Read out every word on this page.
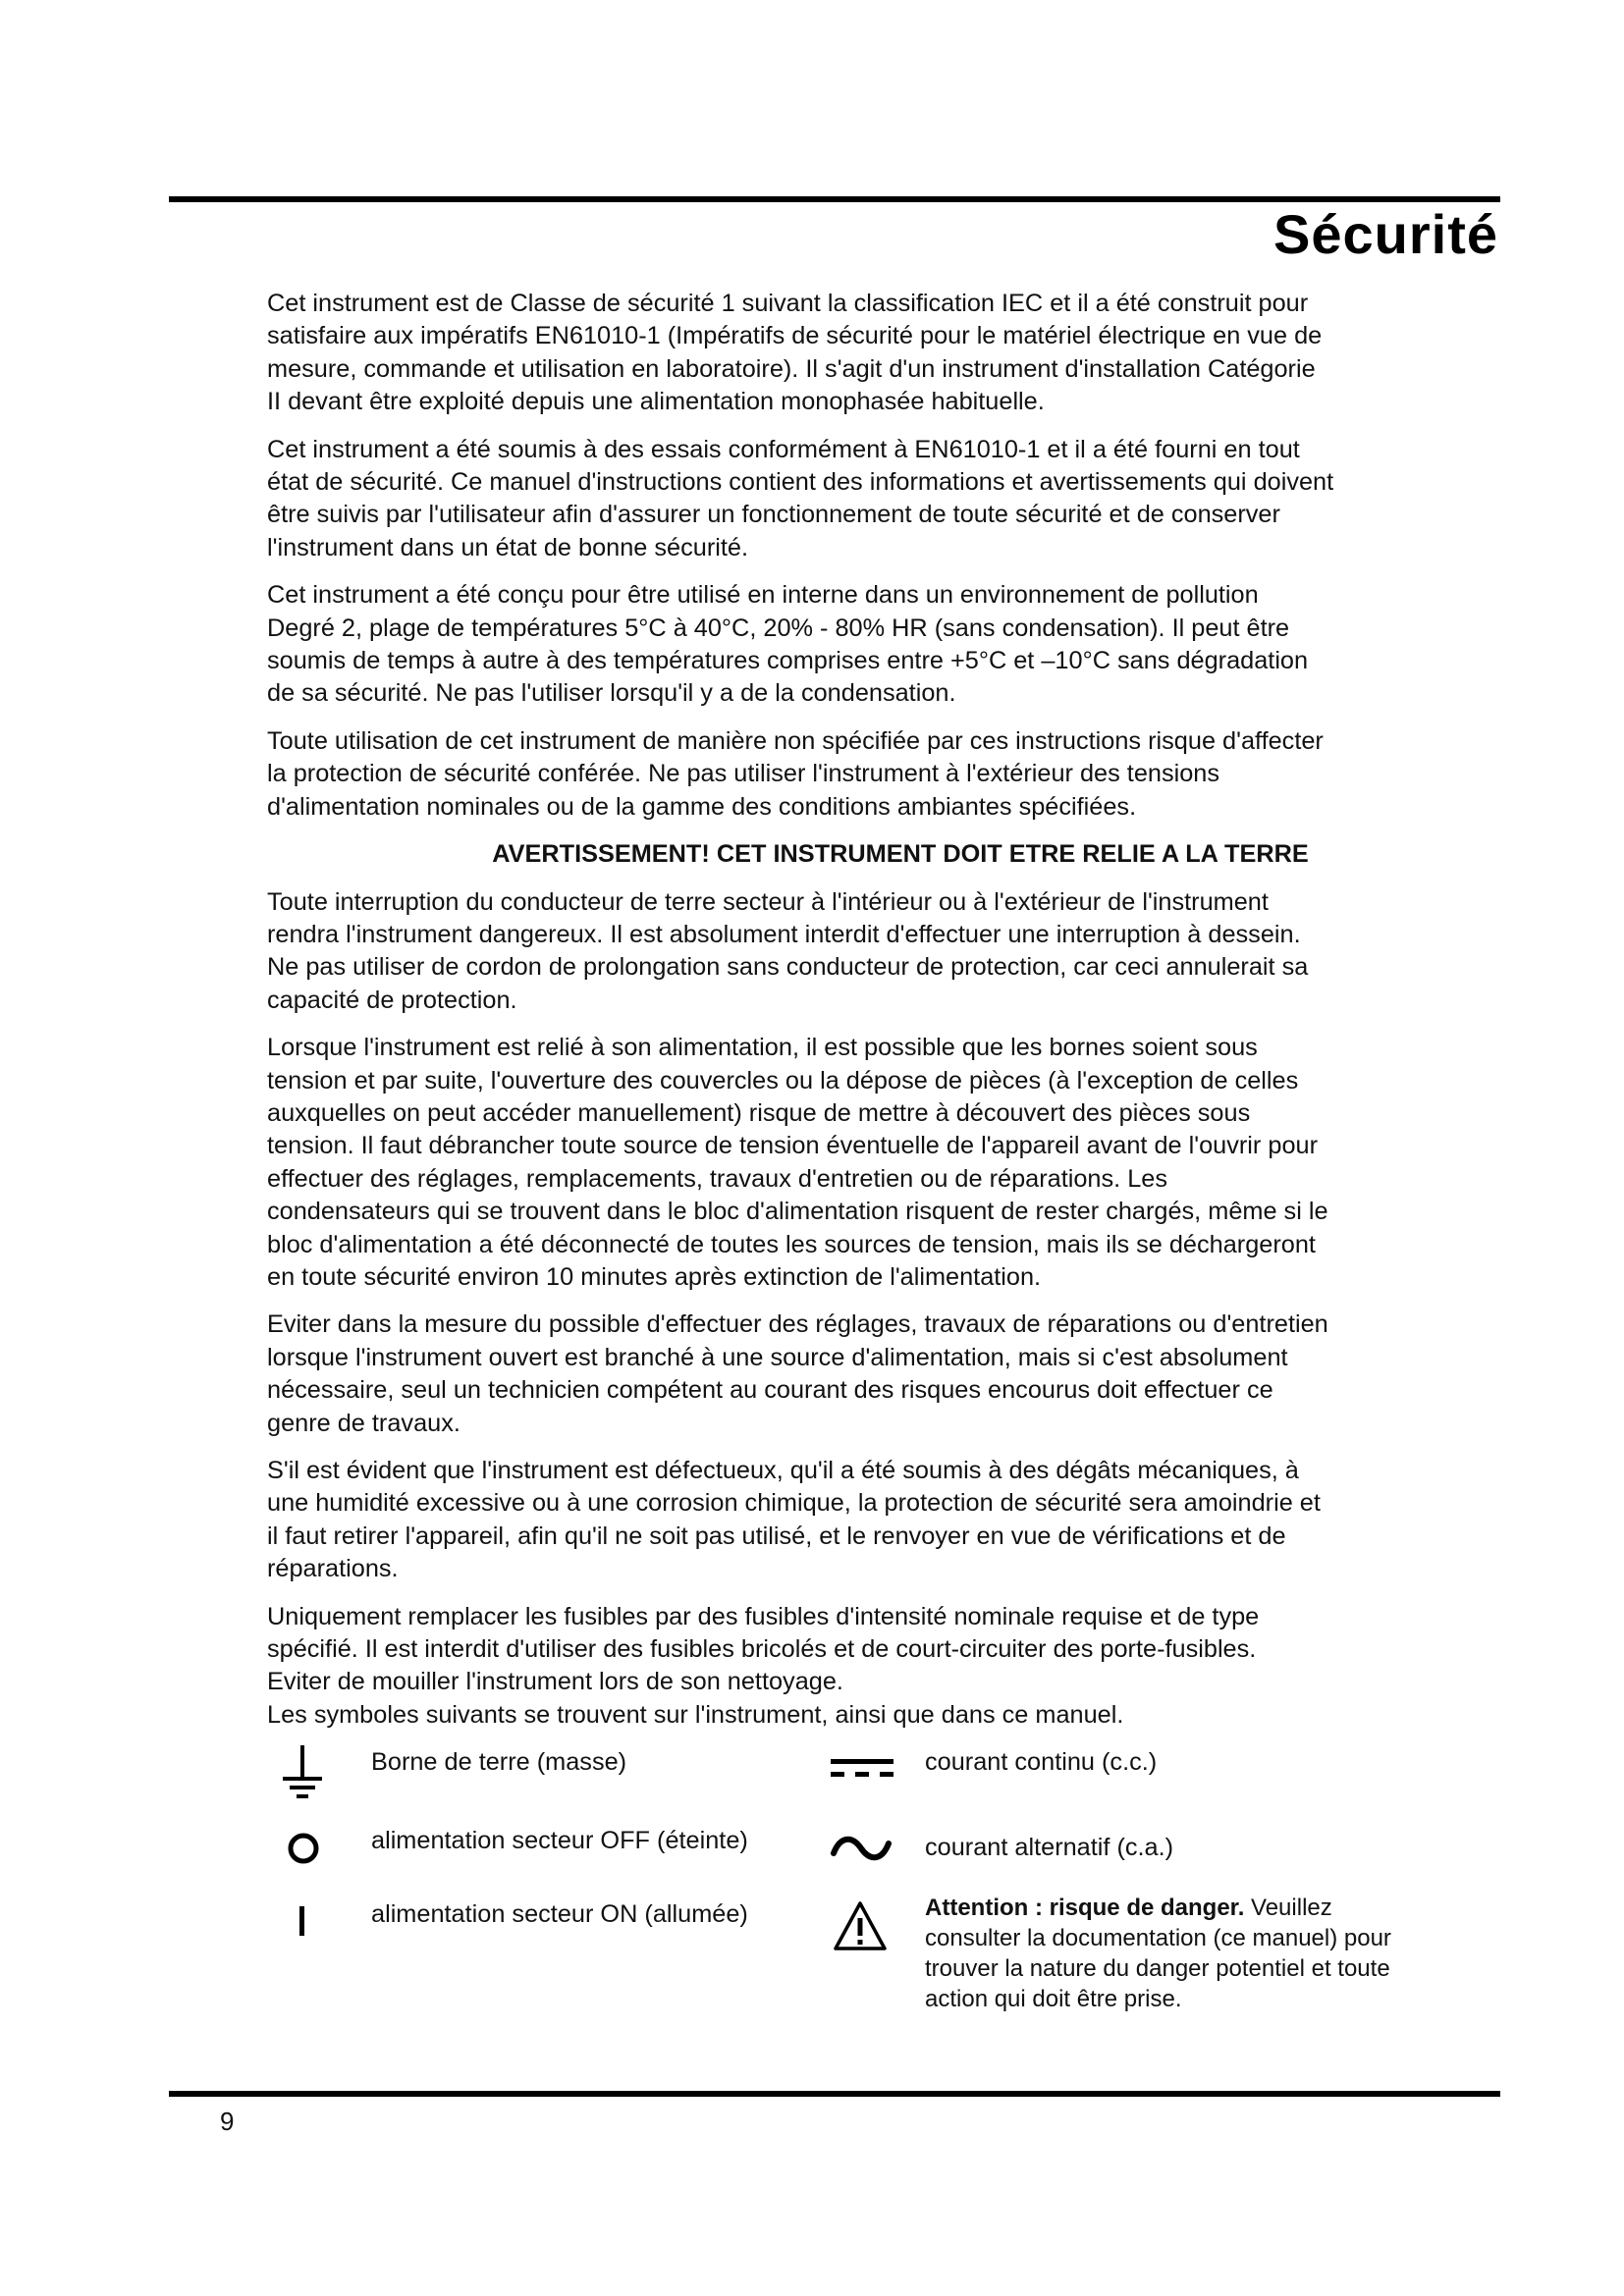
Sécurité

Cet instrument est de Classe de sécurité 1 suivant la classification IEC et il a été construit pour
satisfaire aux impératifs EN61010-1 (Impératifs de sécurité pour le matériel électrique en vue de
mesure, commande et utilisation en laboratoire). Il s'agit d'un instrument d'installation Catégorie
II devant être exploité depuis une alimentation monophasée habituelle.

Cet instrument a été soumis à des essais conformément à EN61010-1 et il a été fourni en tout
état de sécurité. Ce manuel d'instructions contient des informations et avertissements qui doivent
être suivis par l'utilisateur afin d'assurer un fonctionnement de toute sécurité et de conserver
l'instrument dans un état de bonne sécurité.

Cet instrument a été conçu pour être utilisé en interne dans un environnement de pollution
Degré 2, plage de températures 5°C à 40°C, 20% - 80% HR (sans condensation). Il peut être
soumis de temps à autre à des températures comprises entre +5°C et –10°C sans dégradation
de sa sécurité. Ne pas l'utiliser lorsqu'il y a de la condensation.

Toute utilisation de cet instrument de manière non spécifiée par ces instructions risque d'affecter
la protection de sécurité conférée. Ne pas utiliser l'instrument à l'extérieur des tensions
d'alimentation nominales ou de la gamme des conditions ambiantes spécifiées.

AVERTISSEMENT! CET INSTRUMENT DOIT ETRE RELIE A LA TERRE

Toute interruption du conducteur de terre secteur à l'intérieur ou à l'extérieur de l'instrument
rendra l'instrument dangereux. Il est absolument interdit d'effectuer une interruption à dessein.
Ne pas utiliser de cordon de prolongation sans conducteur de protection, car ceci annulerait sa
capacité de protection.

Lorsque l'instrument est relié à son alimentation, il est possible que les bornes soient sous
tension et par suite, l'ouverture des couvercles ou la dépose de pièces (à l'exception de celles
auxquelles on peut accéder manuellement) risque de mettre à découvert des pièces sous
tension. Il faut débrancher toute source de tension éventuelle de l'appareil avant de l'ouvrir pour
effectuer des réglages, remplacements, travaux d'entretien ou de réparations. Les
condensateurs qui se trouvent dans le bloc d'alimentation risquent de rester chargés, même si le
bloc d'alimentation a été déconnecté de toutes les sources de tension, mais ils se déchargeront
en toute sécurité environ 10 minutes après extinction de l'alimentation.

Eviter dans la mesure du possible d'effectuer des réglages, travaux de réparations ou d'entretien
lorsque l'instrument ouvert est branché à une source d'alimentation, mais si c'est absolument
nécessaire, seul un technicien compétent au courant des risques encourus doit effectuer ce
genre de travaux.

S'il est évident que l'instrument est défectueux, qu'il a été soumis à des dégâts mécaniques, à
une humidité excessive ou à une corrosion chimique, la protection de sécurité sera amoindrie et
il faut retirer l'appareil, afin qu'il ne soit pas utilisé, et le renvoyer en vue de vérifications et de
réparations.

Uniquement remplacer les fusibles par des fusibles d'intensité nominale requise et de type
spécifié. Il est interdit d'utiliser des fusibles bricolés et de court-circuiter des porte-fusibles.
Eviter de mouiller l'instrument lors de son nettoyage.
Les symboles suivants se trouvent sur l'instrument, ainsi que dans ce manuel.

Borne de terre (masse)
alimentation secteur OFF (éteinte)
alimentation secteur ON (allumée)
courant continu (c.c.)
courant alternatif (c.a.)
Attention : risque de danger. Veuillez
consulter la documentation (ce manuel) pour
trouver la nature du danger potentiel et toute
action qui doit être prise.
9
